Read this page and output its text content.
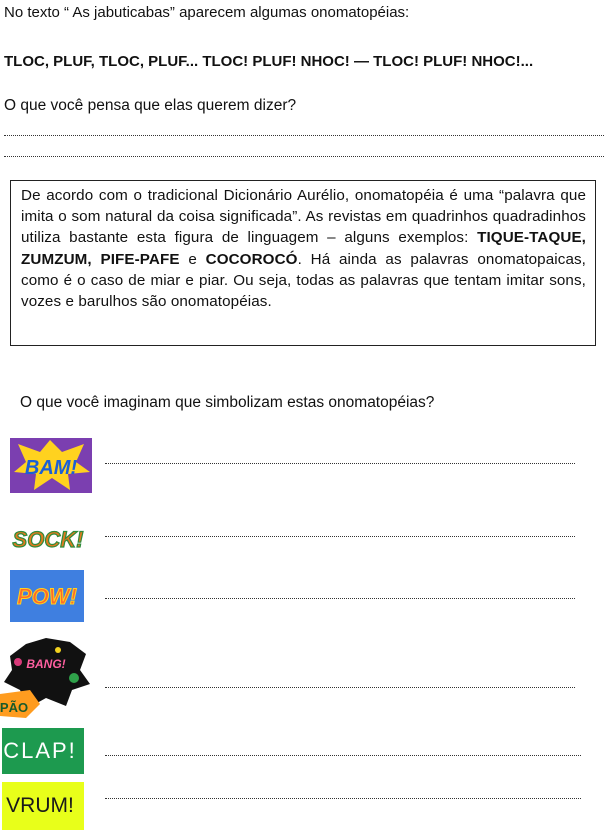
No texto “ As jabuticabas” aparecem algumas onomatopéias:
TLOC, PLUF, TLOC, PLUF... TLOC! PLUF! NHOC! — TLOC! PLUF! NHOC!...
O que você pensa que elas querem dizer?

De acordo com o tradicional Dicionário Aurélio, onomatopéia é uma “palavra que imita o som natural da coisa significada”. As revistas em quadrinhos quadradinhos utiliza bastante esta figura de linguagem – alguns exemplos: TIQUE-TAQUE, ZUMZUM, PIFE-PAFE e COCOROCÓ. Há ainda as palavras onomatopaicas, como é o caso de miar e piar. Ou seja, todas as palavras que tentam imitar sons, vozes e barulhos são onomatopéias.

O que você imaginam que simbolizam estas onomatopéias?
BAM!
SOCK!
POW!
BANG!
PÃO
CLAP!
VRUM!
